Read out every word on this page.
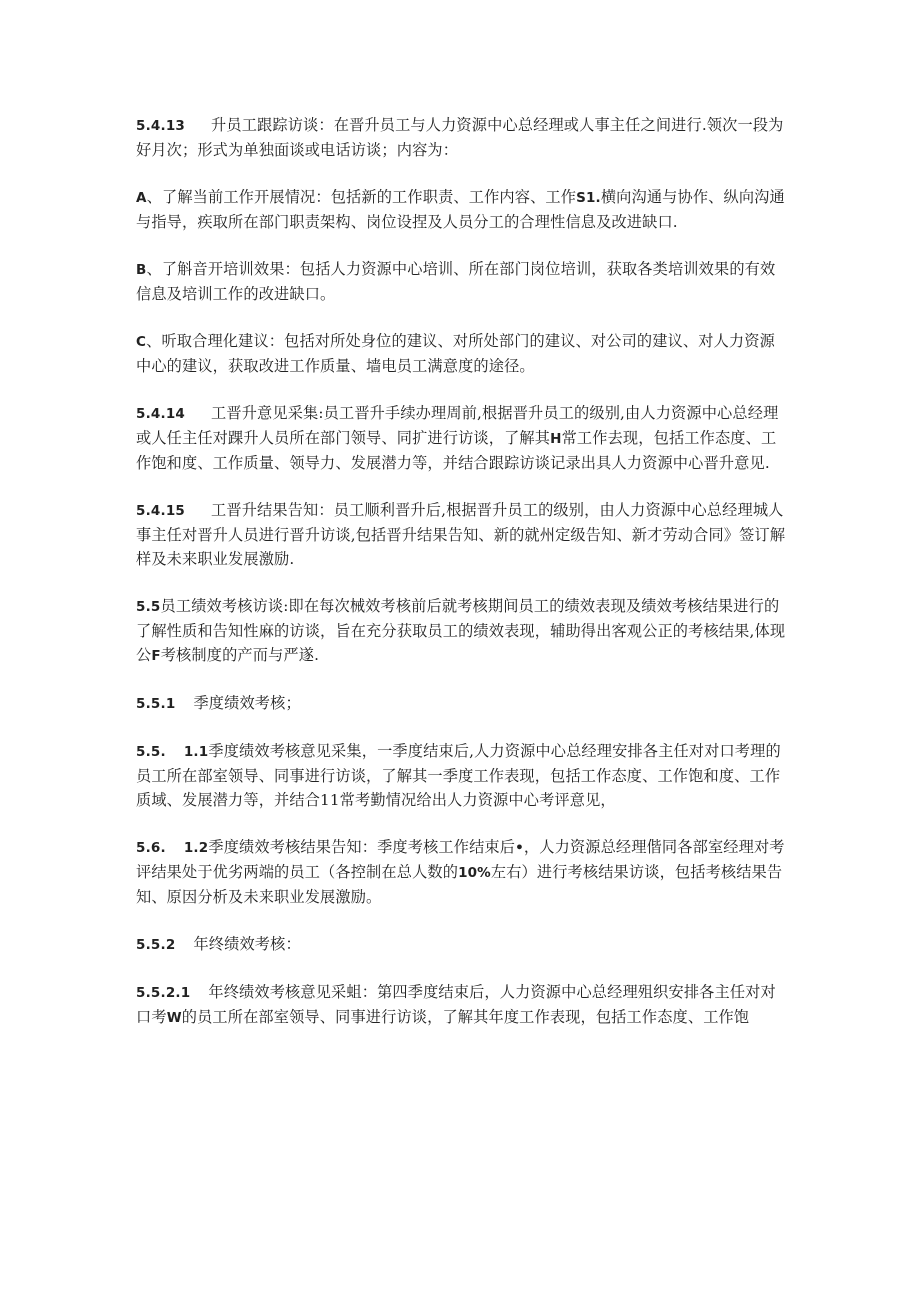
5.4.13 升员工跟踪访谈：在晋升员工与人力资源中心总经理或人事主任之间进行.领次一段为好月次；形式为单独面谈或电话访谈；内容为：

A、了解当前工作开展情况：包括新的工作职责、工作内容、工作S1.横向沟通与协作、纵向沟通与指导，疾取所在部门职责架构、岗位设捏及人员分工的合理性信息及改进缺口.

B、了斛音开培训效果：包括人力资源中心培训、所在部门岗位培训，获取各类培训效果的有效信息及培训工作的改进缺口。

C、听取合理化建议：包括对所处身位的建议、对所处部门的建议、对公司的建议、对人力资源中心的建议，获取改进工作质量、墙电员工满意度的途径。

5.4.14 工晋升意见采集:员工晋升手续办理周前,根据晋升员工的级别,由人力资源中心总经理或人任主任对踝升人员所在部门领导、同扩进行访谈，了解其H常工作去现，包括工作态度、工作饱和度、工作质量、领导力、发展潜力等，并结合跟踪访谈记录出具人力资源中心晋升意见.

5.4.15 工晋升结果告知：员工顺利晋升后,根据晋升员工的级别，由人力资源中心总经理城人事主任对晋升人员进行晋升访谈,包括晋升结果告知、新的就州定级告知、新才劳动合同》签订解样及未来职业发展激励.

5.5员工绩效考核访谈:即在每次械效考核前后就考核期间员工的绩效表现及绩效考核结果进行的了解性质和告知性麻的访谈，旨在充分获取员工的绩效表现，辅助得出客观公正的考核结果,体现公F考核制度的产而与严遂.

5.5.1 季度绩效考核；

5.5. 1.1季度绩效考核意见采集，一季度结束后,人力资源中心总经理安排各主任对对口考理的员工所在部室领导、同事进行访谈，了解其一季度工作表现，包括工作态度、工作饱和度、工作质域、发展潜力等，并结合11常考勤情况给出人力资源中心考评意见，

5.6. 1.2季度绩效考核结果告知：季度考核工作结束后•，人力资源总经理偕同各部室经理对考评结果处于优劣两端的员工（各控制在总人数的10%左右）进行考核结果访谈，包括考核结果告知、原因分析及未来职业发展激励。

5.5.2 年终绩效考核：

5.5.2.1 年终绩效考核意见采蛆：第四季度结束后，人力资源中心总经理殂织安排各主任对对口考W的员工所在部室领导、同事进行访谈，了解其年度工作表现，包括工作态度、工作饱
